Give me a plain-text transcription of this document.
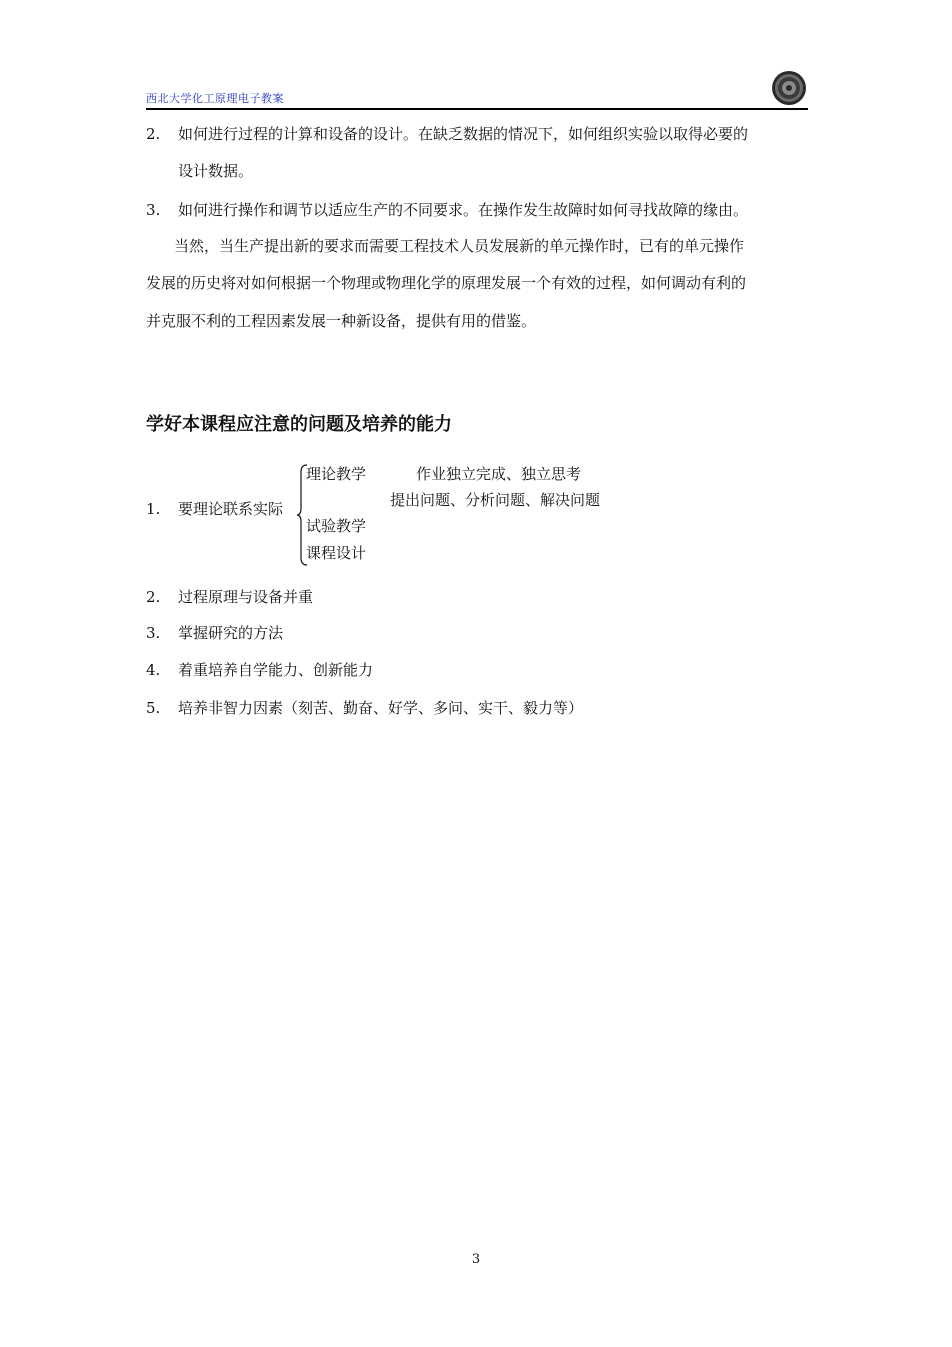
西北大学化工原理电子教案
2.	如何进行过程的计算和设备的设计。在缺乏数据的情况下，如何组织实验以取得必要的
设计数据。
3.	如何进行操作和调节以适应生产的不同要求。在操作发生故障时如何寻找故障的缘由。
当然，当生产提出新的要求而需要工程技术人员发展新的单元操作时，已有的单元操作
发展的历史将对如何根据一个物理或物理化学的原理发展一个有效的过程，如何调动有利的
并克服不利的工程因素发展一种新设备，提供有用的借鉴。
学好本课程应注意的问题及培养的能力
1. 要理论联系实际
理论教学
试验教学
课程设计
作业独立完成、独立思考
提出问题、分析问题、解决问题
2.	过程原理与设备并重
3.	掌握研究的方法
4.	着重培养自学能力、创新能力
5.	培养非智力因素（刻苦、勤奋、好学、多问、实干、毅力等）
3
